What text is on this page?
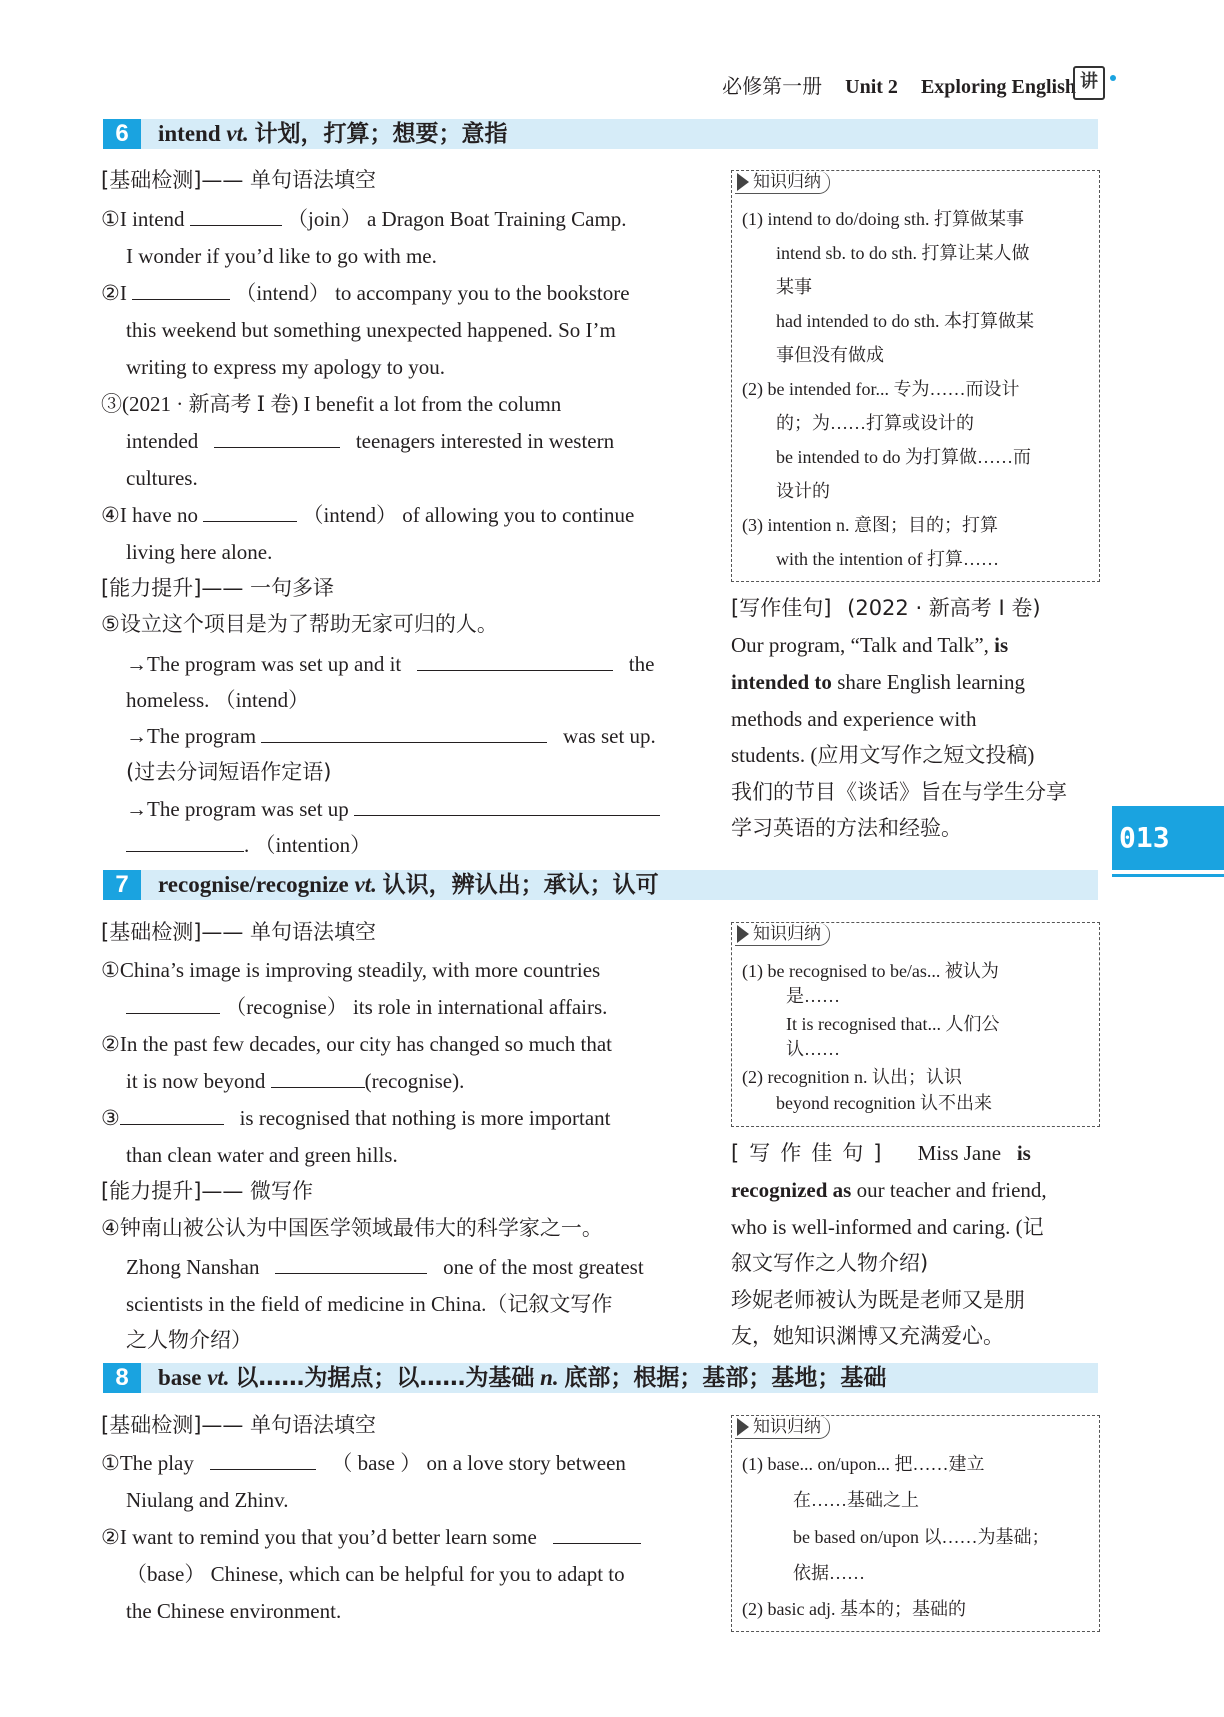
必修第一册 Unit 2 Exploring English 讲
013
6	intend vt. 计划，打算；想要；意指
[基础检测]—— 单句语法填空
①I intend	（join） a Dragon Boat Training Camp.
I wonder if you’d like to go with me.
②I	（intend） to accompany you to the bookstore
this weekend but something unexpected happened. So I’m
writing to express my apology to you.
③(2021 · 新高考 Ⅰ 卷) I benefit a lot from the column
intended	teenagers interested in western
cultures.
④I have no	（intend） of allowing you to continue
living here alone.
[能力提升]—— 一句多译
⑤设立这个项目是为了帮助无家可归的人。
→The program was set up and it	the
homeless. （intend）
→The program	was set up.
(过去分词短语作定语)
→The program was set up
. （intention）
知识归纳
(1) intend to do/doing sth. 打算做某事
intend sb. to do sth. 打算让某人做
某事
had intended to do sth. 本打算做某
事但没有做成
(2) be intended for... 专为……而设计
的；为……打算或设计的
be intended to do 为打算做……而
设计的
(3) intention n. 意图；目的；打算
with the intention of 打算……
[写作佳句] (2022 · 新高考 Ⅰ 卷)
Our program, “Talk and Talk”, is
intended to share English learning
methods and experience with
students. (应用文写作之短文投稿)
我们的节目《谈话》旨在与学生分享
学习英语的方法和经验。
7	recognise/recognize vt. 认识，辨认出；承认；认可
[基础检测]—— 单句语法填空
①China’s image is improving steadily, with more countries
（recognise） its role in international affairs.
②In the past few decades, our city has changed so much that
it is now beyond	(recognise).
③	is recognised that nothing is more important
than clean water and green hills.
[能力提升]—— 微写作
④钟南山被公认为中国医学领域最伟大的科学家之一。
Zhong Nanshan	one of the most greatest
scientists in the field of medicine in China.（记叙文写作
之人物介绍）
知识归纳
(1) be recognised to be/as... 被认为
是……
It is recognised that... 人们公
认……
(2) recognition n. 认出；认识
beyond recognition 认不出来
[写作佳句] Miss Jane is
recognized as our teacher and friend,
who is well-informed and caring. (记
叙文写作之人物介绍)
珍妮老师被认为既是老师又是朋
友，她知识渊博又充满爱心。
8	base vt. 以……为据点；以……为基础 n. 底部；根据；基部；基地；基础
[基础检测]—— 单句语法填空
①The play	（ base ） on a love story between
Niulang and Zhinv.
②I want to remind you that you’d better learn some
（base） Chinese, which can be helpful for you to adapt to
the Chinese environment.
知识归纳
(1) base... on/upon... 把……建立
在……基础之上
be based on/upon 以……为基础；
依据……
(2) basic adj. 基本的；基础的
